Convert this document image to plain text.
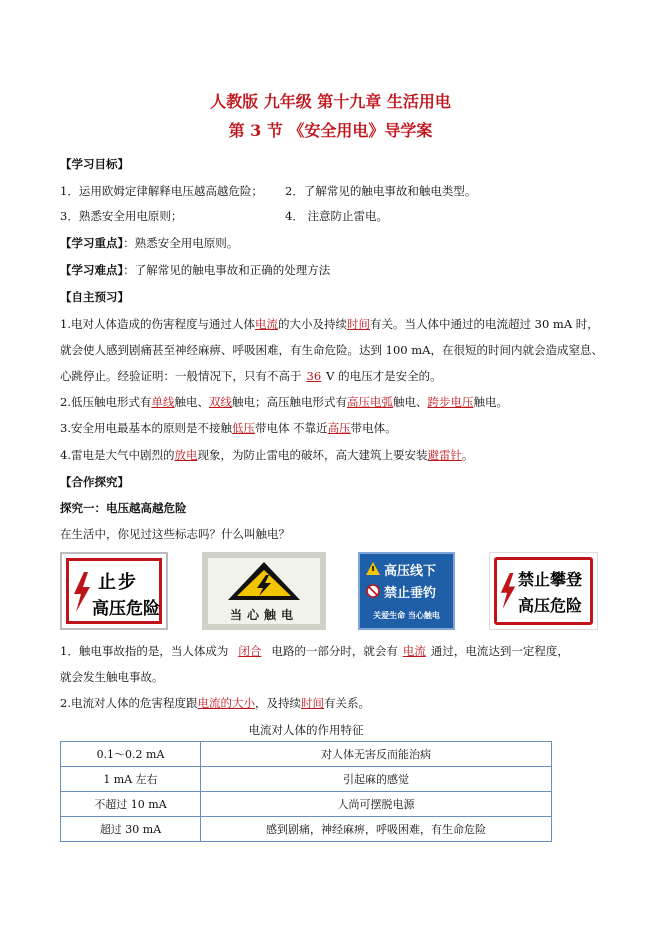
人教版 九年级 第十九章 生活用电
第 3 节 《安全用电》导学案
【学习目标】
1．运用欧姆定律解释电压越高越危险； 2．了解常见的触电事故和触电类型。
3．熟悉安全用电原则；	4． 注意防止雷电。
【学习重点】：熟悉安全用电原则。
【学习难点】：了解常见的触电事故和正确的处理方法
【自主预习】
1.电对人体造成的伤害程度与通过人体电流的大小及持续时间有关。当人体中通过的电流超过 30 mA 时，
就会使人感到剧痛甚至神经麻痹、呼吸困难，有生命危险。达到 100 mA，在很短的时间内就会造成窒息、
心跳停止。经验证明：一般情况下，只有不高于 36 V 的电压才是安全的。
2.低压触电形式有单线触电、双线触电；高压触电形式有高压电弧触电、跨步电压触电。
3.安全用电最基本的原则是不接触低压带电体 不靠近高压带电体。
4.雷电是大气中剧烈的放电现象，为防止雷电的破坏，高大建筑上要安装避雷针。
【合作探究】
探究一：电压越高越危险
在生活中，你见过这些标志吗？什么叫触电？
止步
高压危险	当心触电
高压线下
禁止垂钓
关爱生命 当心触电
禁止攀登
高压危险
1．触电事故指的是，当人体成为 闭合 电路的一部分时，就会有 电流 通过，电流达到一定程度，
就会发生触电事故。
2.电流对人体的危害程度跟电流的大小，及持续时间有关系。
电流对人体的作用特征
0.1～0.2 mA	对人体无害反而能治病
1 mA 左右	引起麻的感觉
不超过 10 mA	人尚可摆脱电源
超过 30 mA	感到剧痛，神经麻痹，呼吸困难，有生命危险
